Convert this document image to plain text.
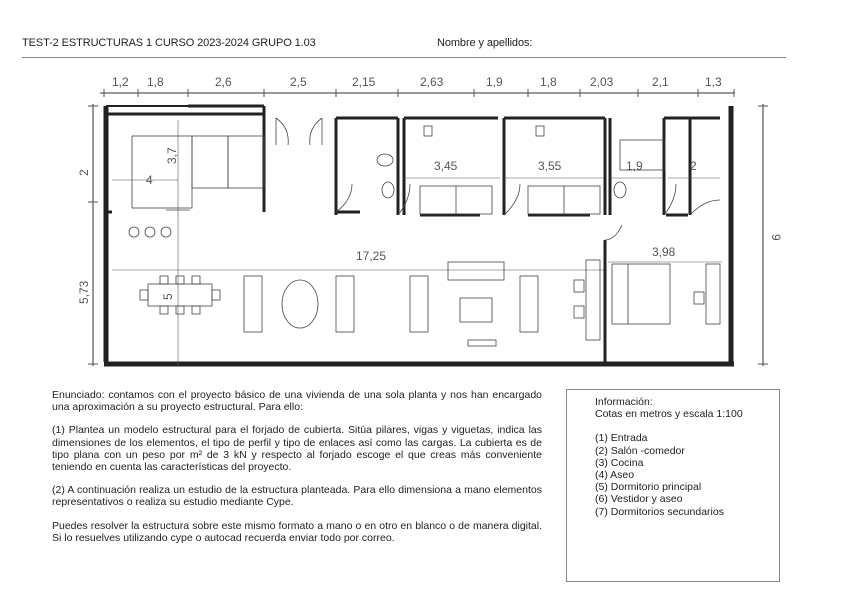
TEST-2 ESTRUCTURAS 1 CURSO 2023-2024 GRUPO 1.03	Nombre y apellidos:
1,2 1,8	2,6	2,5	2,15	2,63	1,9	1,8	2,03	2,1	1,3
2
5,73
9
4
3,7
3,45	3,55	1,9	2
17,25	3,98
5

Enunciado: contamos con el proyecto básico de una vivienda de una sola planta y nos han encargado una aproximación a su proyecto estructural. Para ello:

(1) Plantea un modelo estructural para el forjado de cubierta. Sitúa pilares, vigas y viguetas, indica las dimensiones de los elementos, el tipo de perfil y tipo de enlaces así como las cargas. La cubierta es de tipo plana con un peso por m² de 3 kN y respecto al forjado escoge el que creas más conveniente teniendo en cuenta las características del proyecto.

(2) A continuación realiza un estudio de la estructura planteada. Para ello dimensiona a mano elementos representativos o realiza su estudio mediante Cype.

Puedes resolver la estructura sobre este mismo formato a mano o en otro en blanco o de manera digital. Si lo resuelves utilizando cype o autocad recuerda enviar todo por correo.

Información:
Cotas en metros y escala 1:100
(1) Entrada
(2) Salón -comedor
(3) Cocina
(4) Aseo
(5) Dormitorio principal
(6) Vestidor y aseo
(7) Dormitorios secundarios
